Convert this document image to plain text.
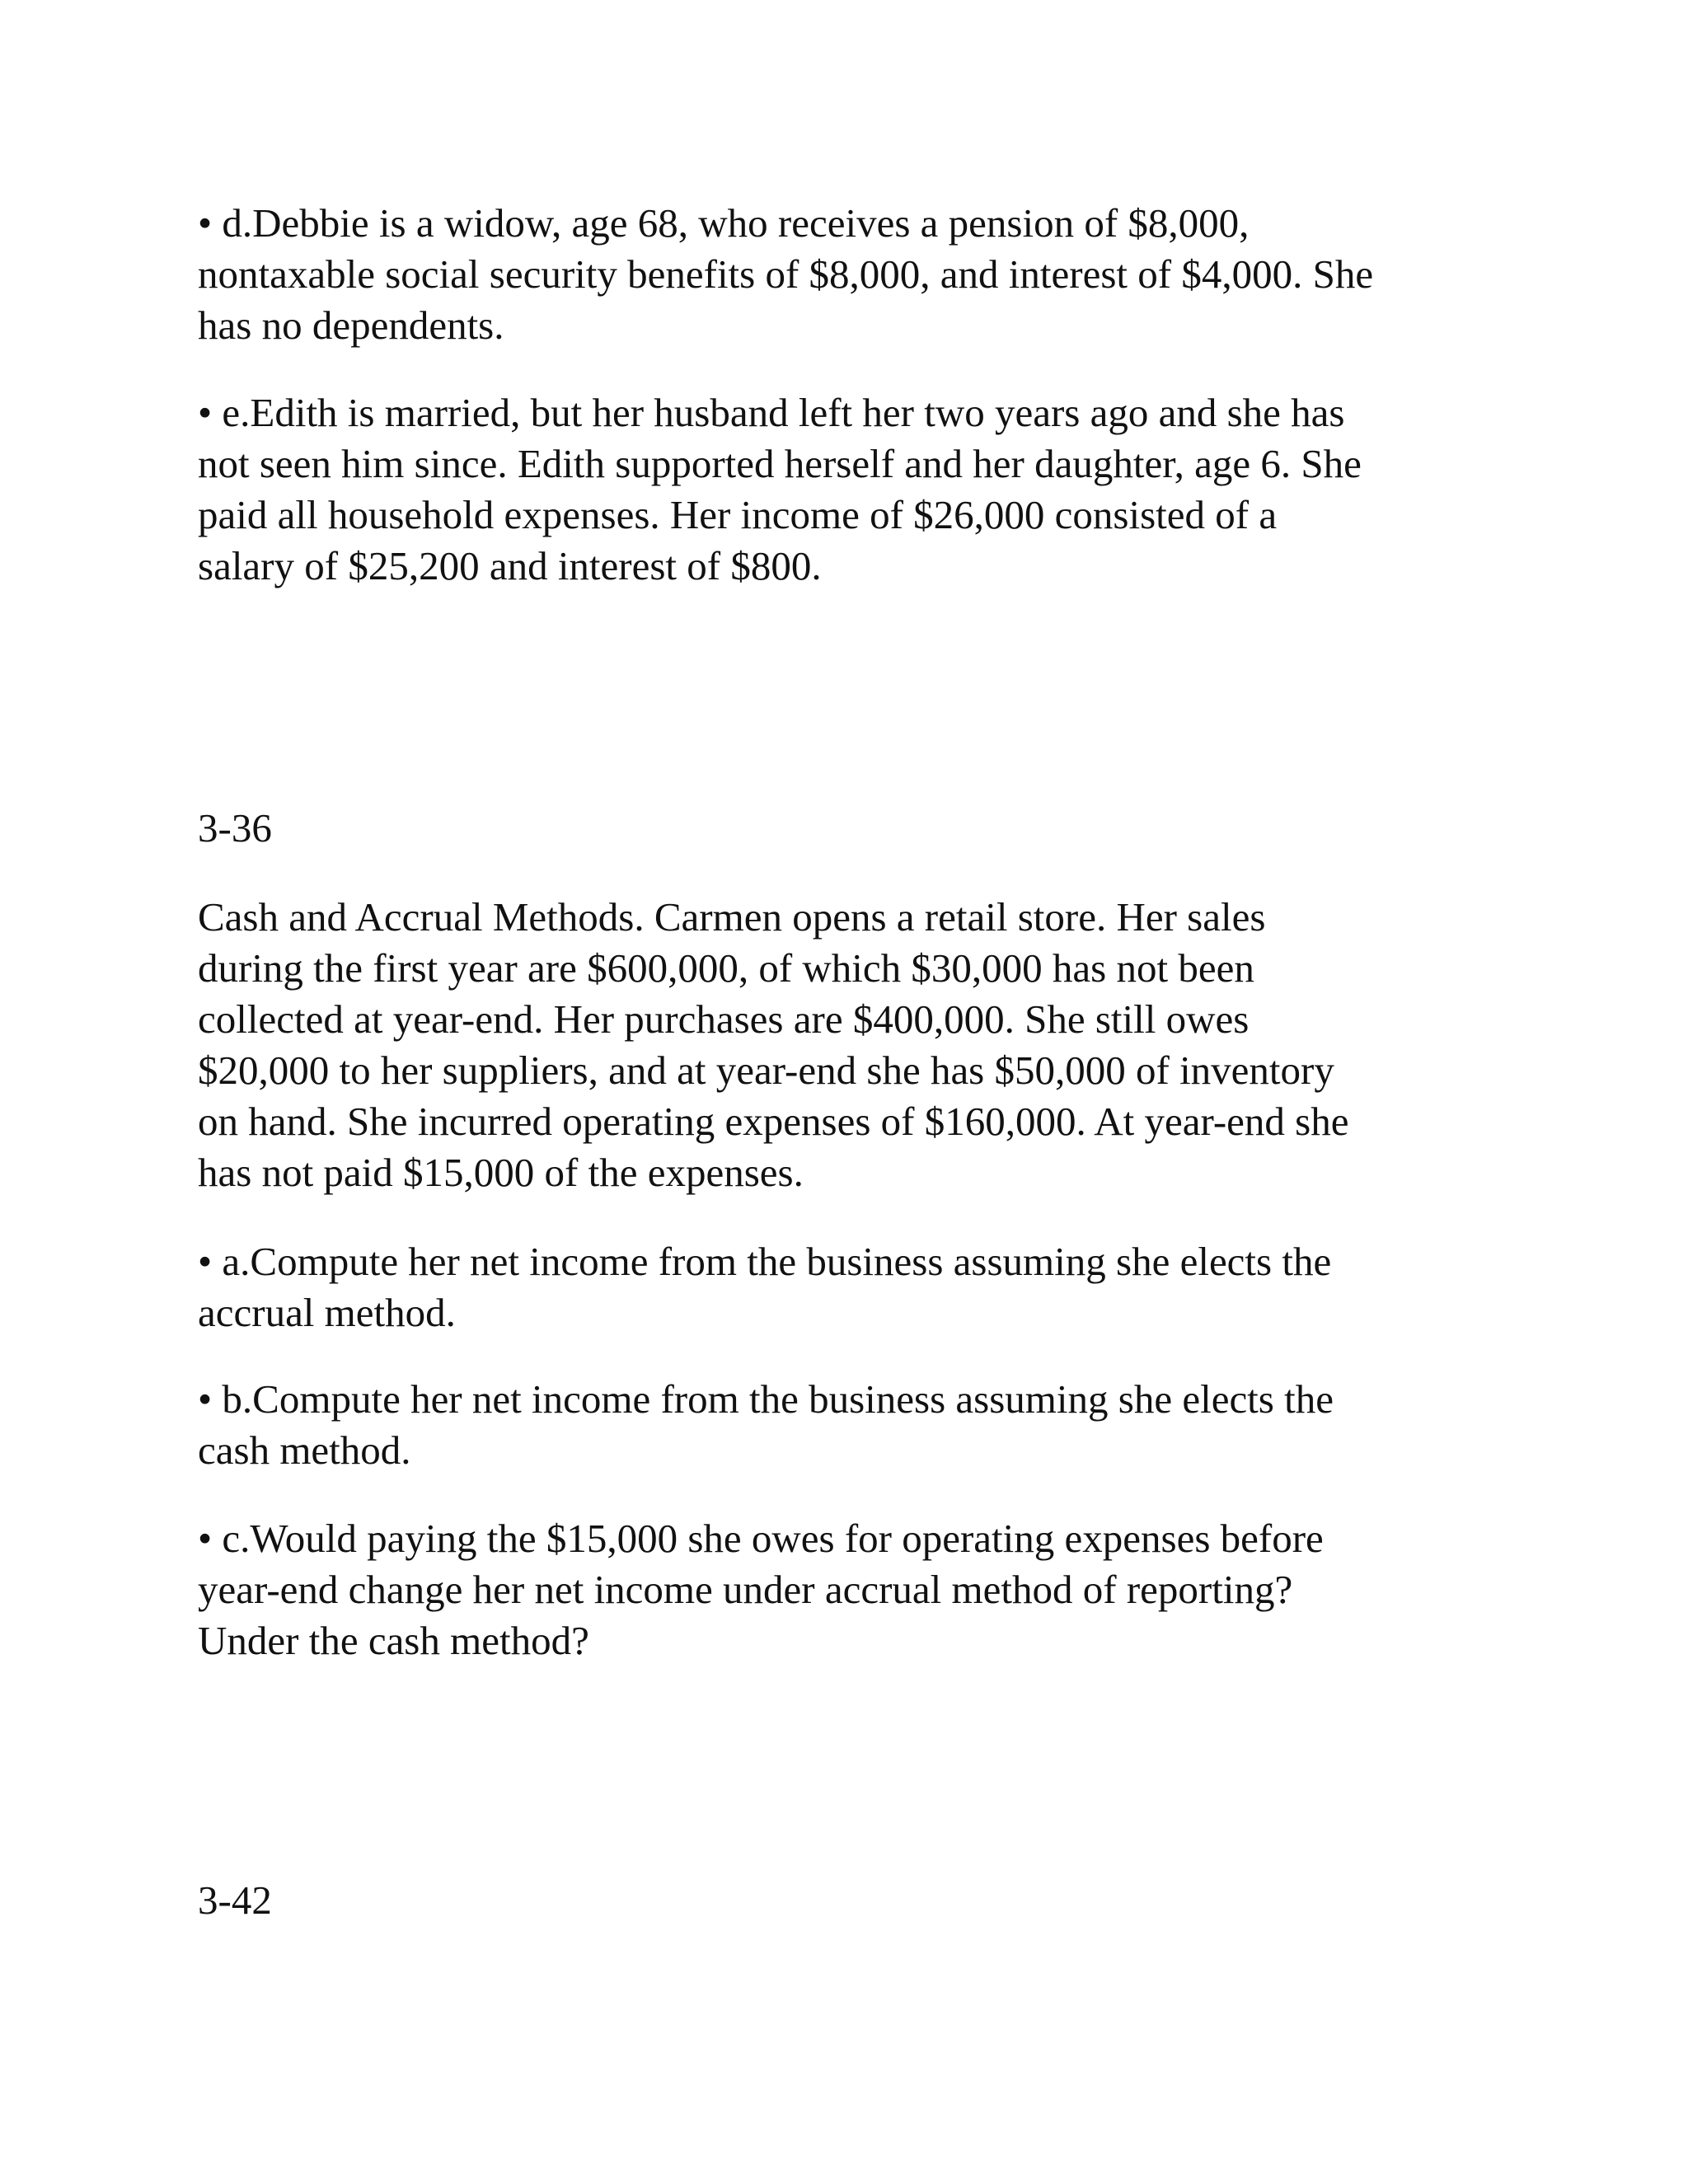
• d.Debbie is a widow, age 68, who receives a pension of $8,000,
nontaxable social security benefits of $8,000, and interest of $4,000. She
has no dependents.

• e.Edith is married, but her husband left her two years ago and she has
not seen him since. Edith supported herself and her daughter, age 6. She
paid all household expenses. Her income of $26,000 consisted of a
salary of $25,200 and interest of $800.

3-36

Cash and Accrual Methods. Carmen opens a retail store. Her sales
during the first year are $600,000, of which $30,000 has not been
collected at year-end. Her purchases are $400,000. She still owes
$20,000 to her suppliers, and at year-end she has $50,000 of inventory
on hand. She incurred operating expenses of $160,000. At year-end she
has not paid $15,000 of the expenses.

• a.Compute her net income from the business assuming she elects the
accrual method.

• b.Compute her net income from the business assuming she elects the
cash method.

• c.Would paying the $15,000 she owes for operating expenses before
year-end change her net income under accrual method of reporting?
Under the cash method?

3-42
